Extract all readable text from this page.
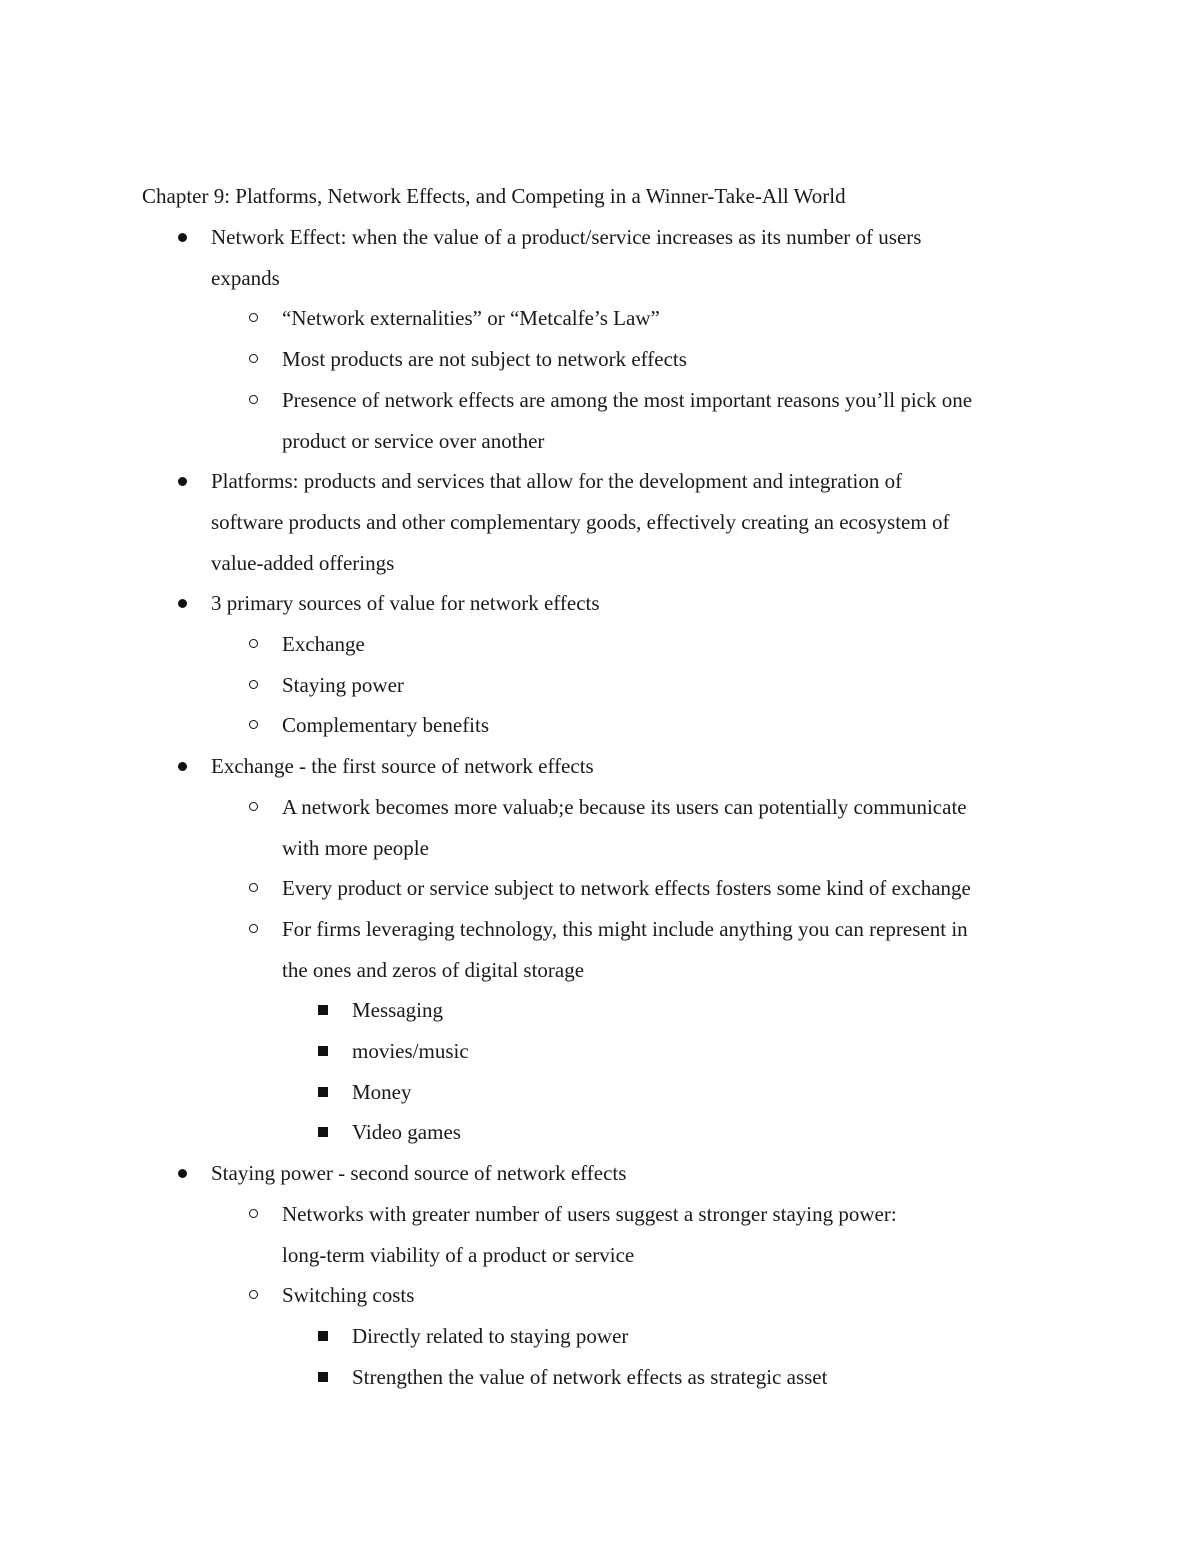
Chapter 9: Platforms, Network Effects, and Competing in a Winner-Take-All World
Network Effect: when the value of a product/service increases as its number of users
expands
“Network externalities” or “Metcalfe’s Law”
Most products are not subject to network effects
Presence of network effects are among the most important reasons you’ll pick one
product or service over another
Platforms: products and services that allow for the development and integration of
software products and other complementary goods, effectively creating an ecosystem of
value-added offerings
3 primary sources of value for network effects
Exchange
Staying power
Complementary benefits
Exchange - the first source of network effects
A network becomes more valuab;e because its users can potentially communicate
with more people
Every product or service subject to network effects fosters some kind of exchange
For firms leveraging technology, this might include anything you can represent in
the ones and zeros of digital storage
Messaging
movies/music
Money
Video games
Staying power - second source of network effects
Networks with greater number of users suggest a stronger staying power:
long-term viability of a product or service
Switching costs
Directly related to staying power
Strengthen the value of network effects as strategic asset
